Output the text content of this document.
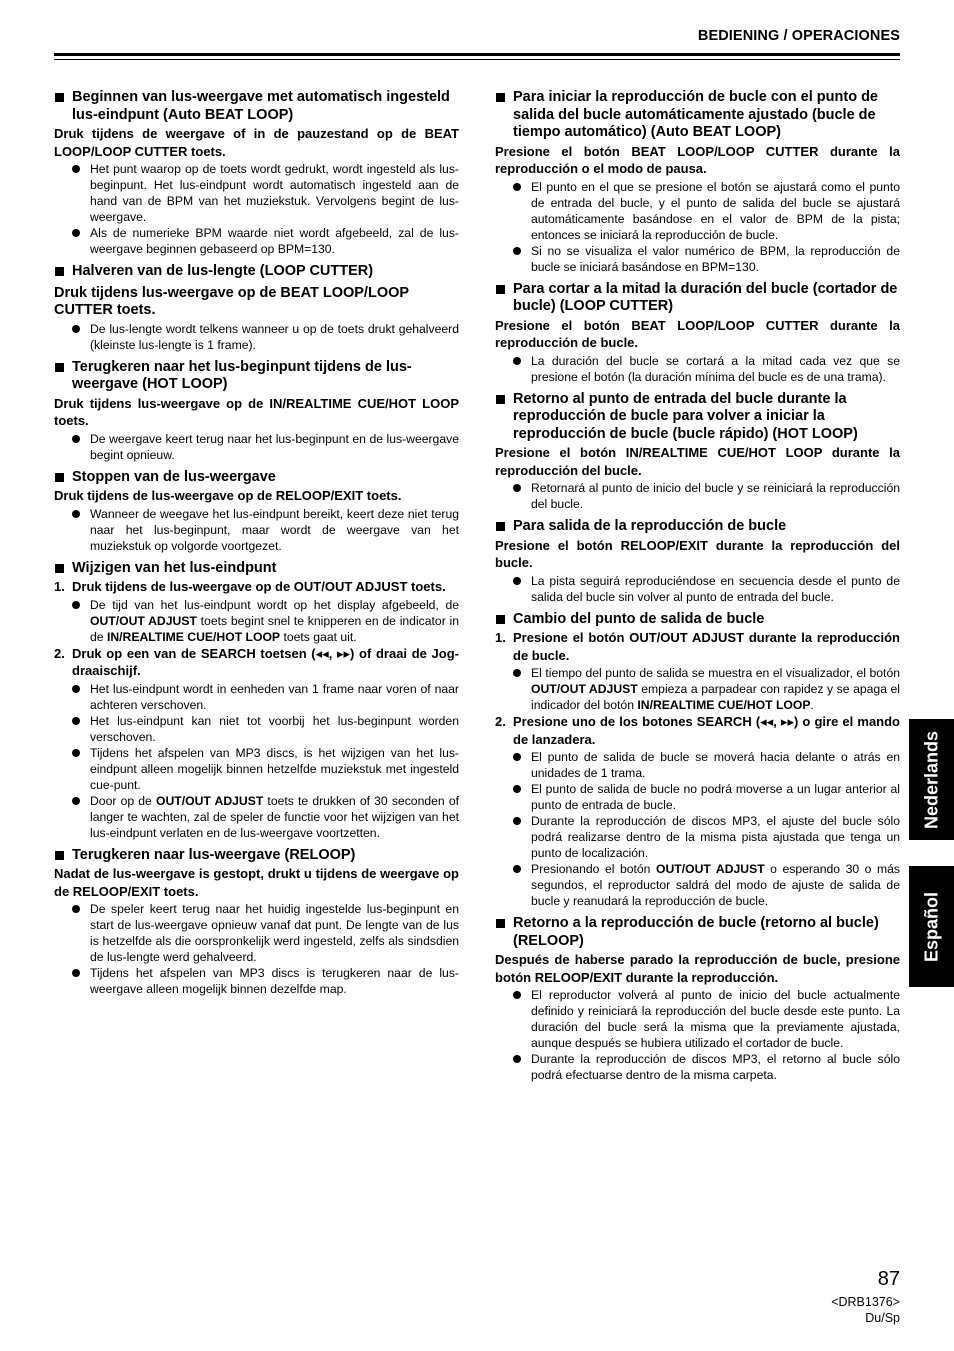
BEDIENING / OPERACIONES
Beginnen van lus-weergave met automatisch ingesteld lus-eindpunt (Auto BEAT LOOP)

Druk tijdens de weergave of in de pauzestand op de BEAT LOOP/LOOP CUTTER toets.

Het punt waarop op de toets wordt gedrukt, wordt ingesteld als lus-beginpunt. Het lus-eindpunt wordt automatisch ingesteld aan de hand van de BPM van het muziekstuk. Vervolgens begint de lus-weergave.
Als de numerieke BPM waarde niet wordt afgebeeld, zal de lus-weergave beginnen gebaseerd op BPM=130.
Halveren van de lus-lengte (LOOP CUTTER)

Druk tijdens lus-weergave op de BEAT LOOP/LOOP CUTTER toets.

De lus-lengte wordt telkens wanneer u op de toets drukt gehalveerd (kleinste lus-lengte is 1 frame).
Terugkeren naar het lus-beginpunt tijdens de lus-weergave (HOT LOOP)

Druk tijdens lus-weergave op de IN/REALTIME CUE/HOT LOOP toets.

De weergave keert terug naar het lus-beginpunt en de lus-weergave begint opnieuw.
Stoppen van de lus-weergave

Druk tijdens de lus-weergave op de RELOOP/EXIT toets.

Wanneer de weegave het lus-eindpunt bereikt, keert deze niet terug naar het lus-beginpunt, maar wordt de weergave van het muziekstuk op volgorde voortgezet.
Wijzigen van het lus-eindpunt
1. Druk tijdens de lus-weergave op de OUT/OUT ADJUST toets.
De tijd van het lus-eindpunt wordt op het display afgebeeld, de OUT/OUT ADJUST toets begint snel te knipperen en de indicator in de IN/REALTIME CUE/HOT LOOP toets gaat uit.
2. Druk op een van de SEARCH toetsen (◂◂, ▸▸) of draai de Jog-draaischijf.
Het lus-eindpunt wordt in eenheden van 1 frame naar voren of naar achteren verschoven.
Het lus-eindpunt kan niet tot voorbij het lus-beginpunt worden verschoven.
Tijdens het afspelen van MP3 discs, is het wijzigen van het lus-eindpunt alleen mogelijk binnen hetzelfde muziekstuk met ingesteld cue-punt.
Door op de OUT/OUT ADJUST toets te drukken of 30 seconden of langer te wachten, zal de speler de functie voor het wijzigen van het lus-eindpunt verlaten en de lus-weergave voortzetten.
Terugkeren naar lus-weergave (RELOOP)

Nadat de lus-weergave is gestopt, drukt u tijdens de weergave op de RELOOP/EXIT toets.

De speler keert terug naar het huidig ingestelde lus-beginpunt en start de lus-weergave opnieuw vanaf dat punt. De lengte van de lus is hetzelfde als die oorspronkelijk werd ingesteld, zelfs als sindsdien de lus-lengte werd gehalveerd.
Tijdens het afspelen van MP3 discs is terugkeren naar de lus-weergave alleen mogelijk binnen dezelfde map.
Para iniciar la reproducción de bucle con el punto de salida del bucle automáticamente ajustado (bucle de tiempo automático) (Auto BEAT LOOP)

Presione el botón BEAT LOOP/LOOP CUTTER durante la reproducción o el modo de pausa.

El punto en el que se presione el botón se ajustará como el punto de entrada del bucle, y el punto de salida del bucle se ajustará automáticamente basándose en el valor de BPM de la pista; entonces se iniciará la reproducción de bucle.
Si no se visualiza el valor numérico de BPM, la reproducción de bucle se iniciará basándose en BPM=130.
Para cortar a la mitad la duración del bucle (cortador de bucle) (LOOP CUTTER)

Presione el botón BEAT LOOP/LOOP CUTTER durante la reproducción de bucle.

La duración del bucle se cortará a la mitad cada vez que se presione el botón (la duración mínima del bucle es de una trama).
Retorno al punto de entrada del bucle durante la reproducción de bucle para volver a iniciar la reproducción de bucle (bucle rápido) (HOT LOOP)

Presione el botón IN/REALTIME CUE/HOT LOOP durante la reproducción del bucle.

Retornará al punto de inicio del bucle y se reiniciará la reproducción del bucle.
Para salida de la reproducción de bucle

Presione el botón RELOOP/EXIT durante la reproducción del bucle.

La pista seguirá reproduciéndose en secuencia desde el punto de salida del bucle sin volver al punto de entrada del bucle.
Cambio del punto de salida de bucle
1. Presione el botón OUT/OUT ADJUST durante la reproducción de bucle.
El tiempo del punto de salida se muestra en el visualizador, el botón OUT/OUT ADJUST empieza a parpadear con rapidez y se apaga el indicador del botón IN/REALTIME CUE/HOT LOOP.
2. Presione uno de los botones SEARCH (◂◂, ▸▸) o gire el mando de lanzadera.
El punto de salida de bucle se moverá hacia delante o atrás en unidades de 1 trama.
El punto de salida de bucle no podrá moverse a un lugar anterior al punto de entrada de bucle.
Durante la reproducción de discos MP3, el ajuste del bucle sólo podrá realizarse dentro de la misma pista ajustada que tenga un punto de localización.
Presionando el botón OUT/OUT ADJUST o esperando 30 o más segundos, el reproductor saldrá del modo de ajuste de salida de bucle y reanudará la reproducción de bucle.
Retorno a la reproducción de bucle (retorno al bucle) (RELOOP)

Después de haberse parado la reproducción de bucle, presione botón RELOOP/EXIT durante la reproducción.

El reproductor volverá al punto de inicio del bucle actualmente definido y reiniciará la reproducción del bucle desde este punto. La duración del bucle será la misma que la previamente ajustada, aunque después se hubiera utilizado el cortador de bucle.
Durante la reproducción de discos MP3, el retorno al bucle sólo podrá efectuarse dentro de la misma carpeta.
Nederlands
Español
87
<DRB1376>
Du/Sp
